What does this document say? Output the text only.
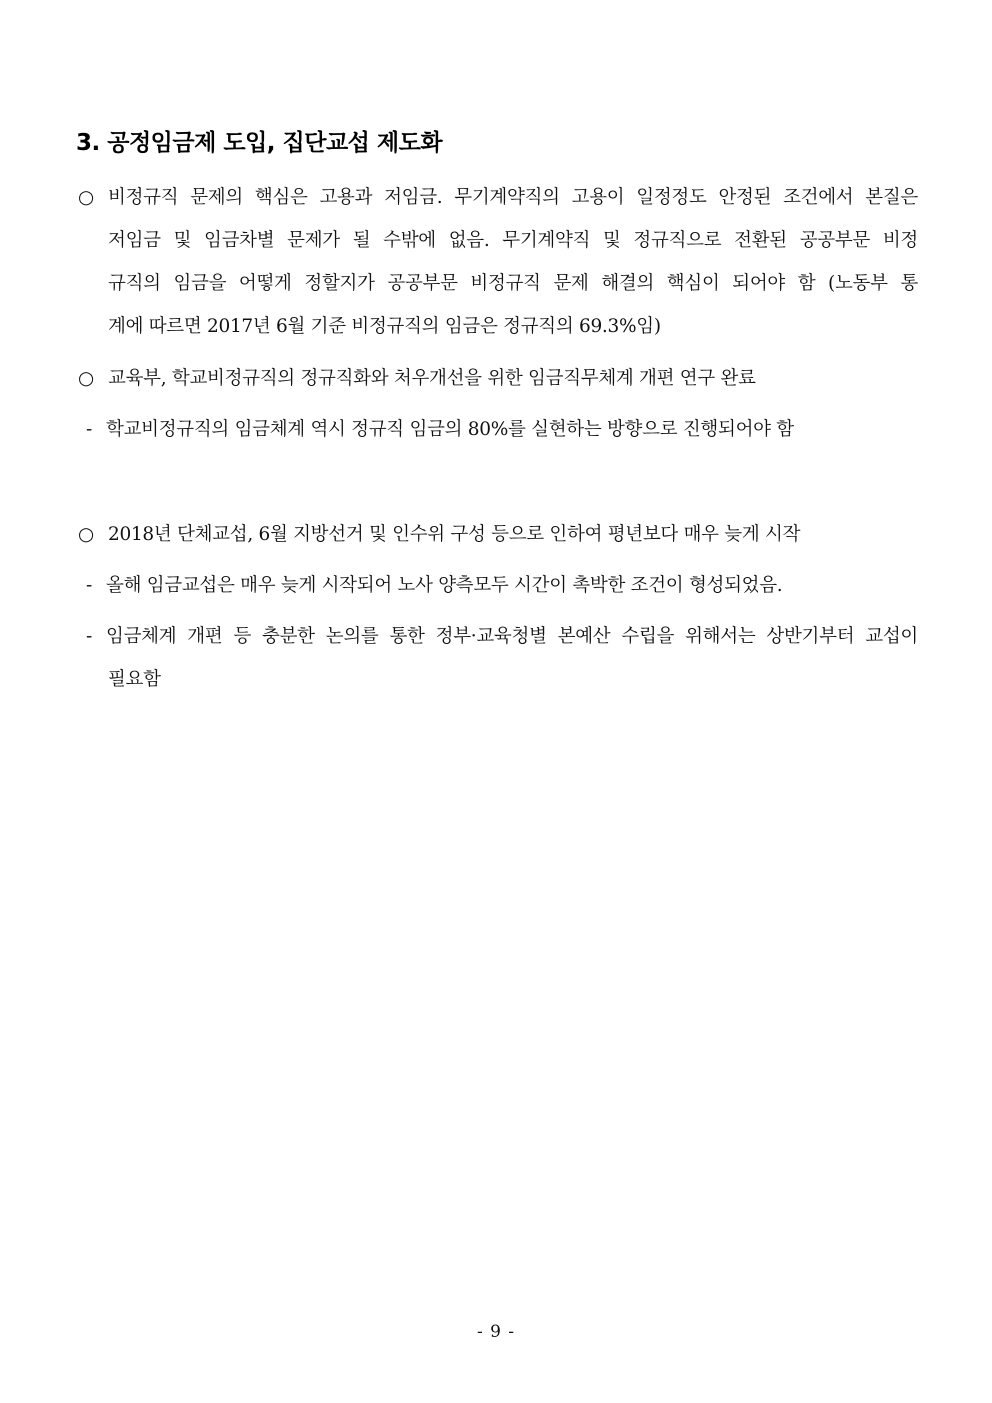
3. 공정임금제 도입, 집단교섭 제도화
○ 비정규직 문제의 핵심은 고용과 저임금. 무기계약직의 고용이 일정정도 안정된 조건에서 본질은
저임금 및 임금차별 문제가 될 수밖에 없음. 무기계약직 및 정규직으로 전환된 공공부문 비정
규직의 임금을 어떻게 정할지가 공공부문 비정규직 문제 해결의 핵심이 되어야 함 (노동부 통
계에 따르면 2017년 6월 기준 비정규직의 임금은 정규직의 69.3%임)
○ 교육부, 학교비정규직의 정규직화와 처우개선을 위한 임금직무체계 개편 연구 완료
- 학교비정규직의 임금체계 역시 정규직 임금의 80%를 실현하는 방향으로 진행되어야 함
○ 2018년 단체교섭, 6월 지방선거 및 인수위 구성 등으로 인하여 평년보다 매우 늦게 시작
- 올해 임금교섭은 매우 늦게 시작되어 노사 양측모두 시간이 촉박한 조건이 형성되었음.
- 임금체계 개편 등 충분한 논의를 통한 정부·교육청별 본예산 수립을 위해서는 상반기부터 교섭이
필요함
- 9 -
